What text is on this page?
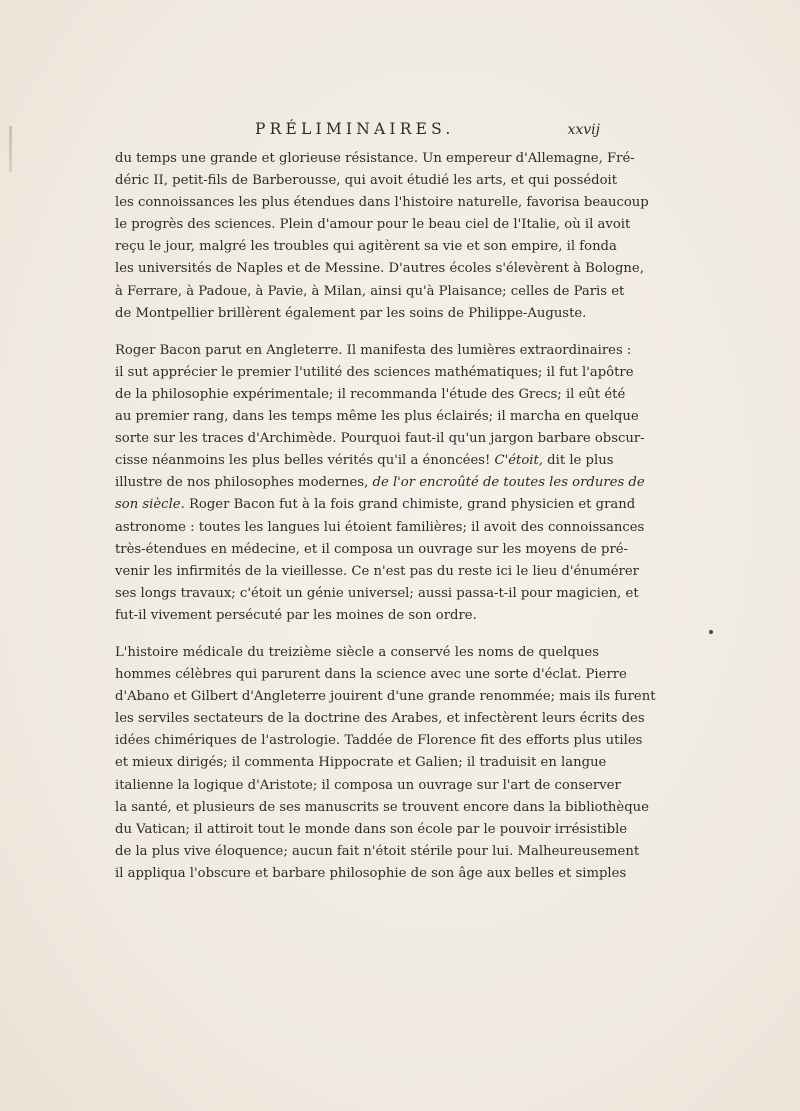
PRÉLIMINAIRES.	xxvij
du temps une grande et glorieuse résistance. Un empereur d'Allemagne, Fré-
déric II, petit-fils de Barberousse, qui avoit étudié les arts, et qui possédoit
les connoissances les plus étendues dans l'histoire naturelle, favorisa beaucoup
le progrès des sciences. Plein d'amour pour le beau ciel de l'Italie, où il avoit
reçu le jour, malgré les troubles qui agitèrent sa vie et son empire, il fonda
les universités de Naples et de Messine. D'autres écoles s'élevèrent à Bologne,
à Ferrare, à Padoue, à Pavie, à Milan, ainsi qu'à Plaisance; celles de Paris et
de Montpellier brillèrent également par les soins de Philippe-Auguste.
Roger Bacon parut en Angleterre. Il manifesta des lumières extraordinaires :
il sut apprécier le premier l'utilité des sciences mathématiques; il fut l'apôtre
de la philosophie expérimentale; il recommanda l'étude des Grecs; il eût été
au premier rang, dans les temps même les plus éclairés; il marcha en quelque
sorte sur les traces d'Archimède. Pourquoi faut-il qu'un jargon barbare obscur-
cisse néanmoins les plus belles vérités qu'il a énoncées! C'étoit, dit le plus
illustre de nos philosophes modernes, de l'or encroûté de toutes les ordures de
son siècle. Roger Bacon fut à la fois grand chimiste, grand physicien et grand
astronome : toutes les langues lui étoient familières; il avoit des connoissances
très-étendues en médecine, et il composa un ouvrage sur les moyens de pré-
venir les infirmités de la vieillesse. Ce n'est pas du reste ici le lieu d'énumérer
ses longs travaux; c'étoit un génie universel; aussi passa-t-il pour magicien, et
fut-il vivement persécuté par les moines de son ordre.
L'histoire médicale du treizième siècle a conservé les noms de quelques
hommes célèbres qui parurent dans la science avec une sorte d'éclat. Pierre
d'Abano et Gilbert d'Angleterre jouirent d'une grande renommée; mais ils furent
les serviles sectateurs de la doctrine des Arabes, et infectèrent leurs écrits des
idées chimériques de l'astrologie. Taddée de Florence fit des efforts plus utiles
et mieux dirigés; il commenta Hippocrate et Galien; il traduisit en langue
italienne la logique d'Aristote; il composa un ouvrage sur l'art de conserver
la santé, et plusieurs de ses manuscrits se trouvent encore dans la bibliothèque
du Vatican; il attiroit tout le monde dans son école par le pouvoir irrésistible
de la plus vive éloquence; aucun fait n'étoit stérile pour lui. Malheureusement
il appliqua l'obscure et barbare philosophie de son âge aux belles et simples
